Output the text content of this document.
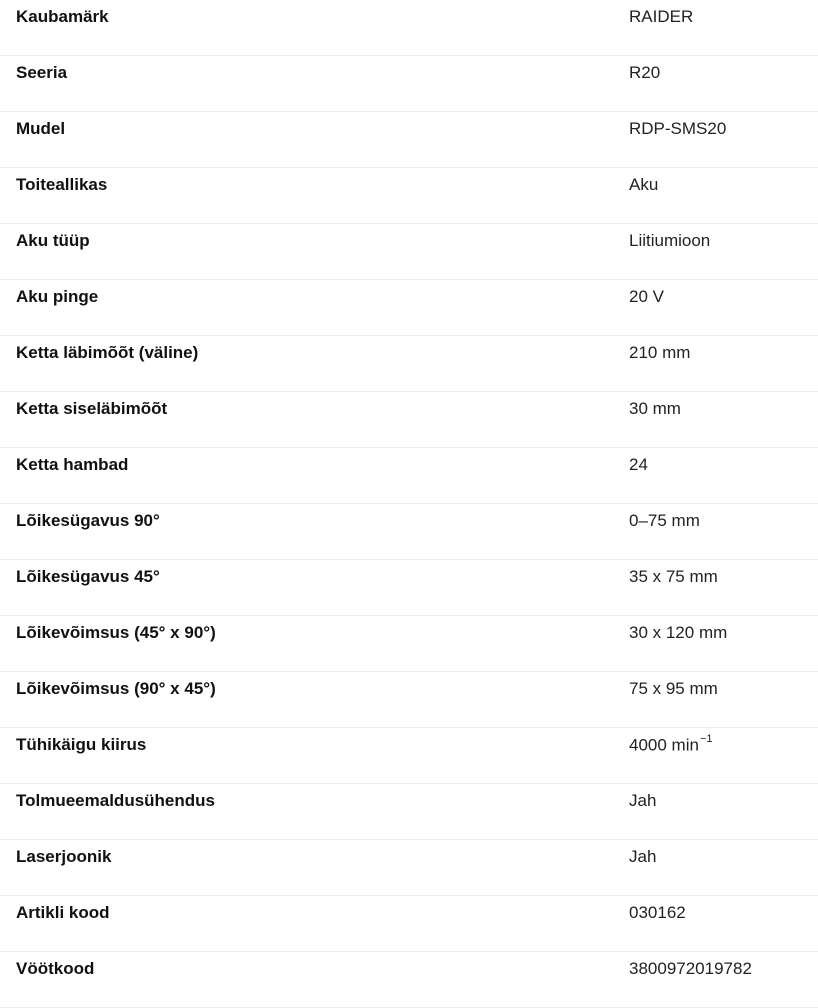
Kaubamärk	RAIDER
Seeria	R20
Mudel	RDP-SMS20
Toiteallikas	Aku
Aku tüüp	Liitiumioon
Aku pinge	20 V
Ketta läbimõõt (väline)	210 mm
Ketta siseläbimõõt	30 mm
Ketta hambad	24
Lõikesügavus 90°	0–75 mm
Lõikesügavus 45°	35 x 75 mm
Lõikevõimsus (45° x 90°)	30 x 120 mm
Lõikevõimsus (90° x 45°)	75 x 95 mm
Tühikäigu kiirus	4000 $\min^{-1}$
Tolmueemaldusühendus	Jah
Laserjoonik	Jah
Artikli kood	030162
Vöötkood	3800972019782
